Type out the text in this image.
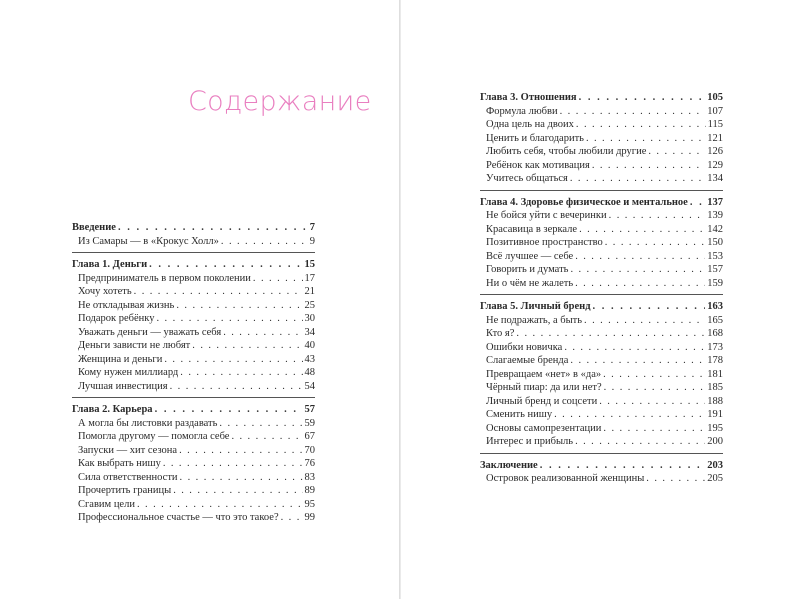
Содержание
Введение . . .	7
Из Самары — в «Крокус Холл» . . .	9
Глава 1. Деньги . . .	15
Предприниматель в первом поколении . . .	17
Хочу хотеть . . .	21
Не откладывая жизнь . . .	25
Подарок ребёнку . . .	30
Уважать деньги — уважать себя . . .	34
Деньги зависти не любят . . .	40
Женщина и деньги . . .	43
Кому нужен миллиард . . .	48
Лучшая инвестиция . . .	54
Глава 2. Карьера . . .	57
А могла бы листовки раздавать . . .	59
Помогла другому — помогла себе . . .	67
Запуски — хит сезона . . .	70
Как выбрать нишу . . .	76
Сила ответственности . . .	83
Прочертить границы . . .	89
Сгавим цели . . .	95
Профессиональное счастье — что это такое? . . . 99
Глава 3. Отношения . . .	105
Формула любви . . .	107
Одна цель на двоих . . .	115
Ценить и благодарить . . .	121
Любить себя, чтобы любили другие . . .	126
Ребёнок как мотивация . . .	129
Учитесь общаться . . .	134
Глава 4. Здоровье физическое и ментальное . . . 137
Не бойся уйти с вечеринки . . .	139
Красавица в зеркале . . .	142
Позитивное пространство . . .	150
Всё лучшее — себе . . .	153
Говорить и думать . . .	157
Ни о чём не жалеть . . .	159
Глава 5. Личный бренд . . .	163
Не подражать, а быть . . .	165
Кто я? . . .	168
Ошибки новичка . . .	173
Слагаемые бренда . . .	178
Превращаем «нет» в «да» . . .	181
Чёрный пиар: да или нет? . . .	185
Личный бренд и соцсети . . .	188
Сменить нишу . . .	191
Основы самопрезентации . . .	195
Интерес и прибыль . . .	200
Заключение . . .	203
Островок реализованной женщины . . .	205
